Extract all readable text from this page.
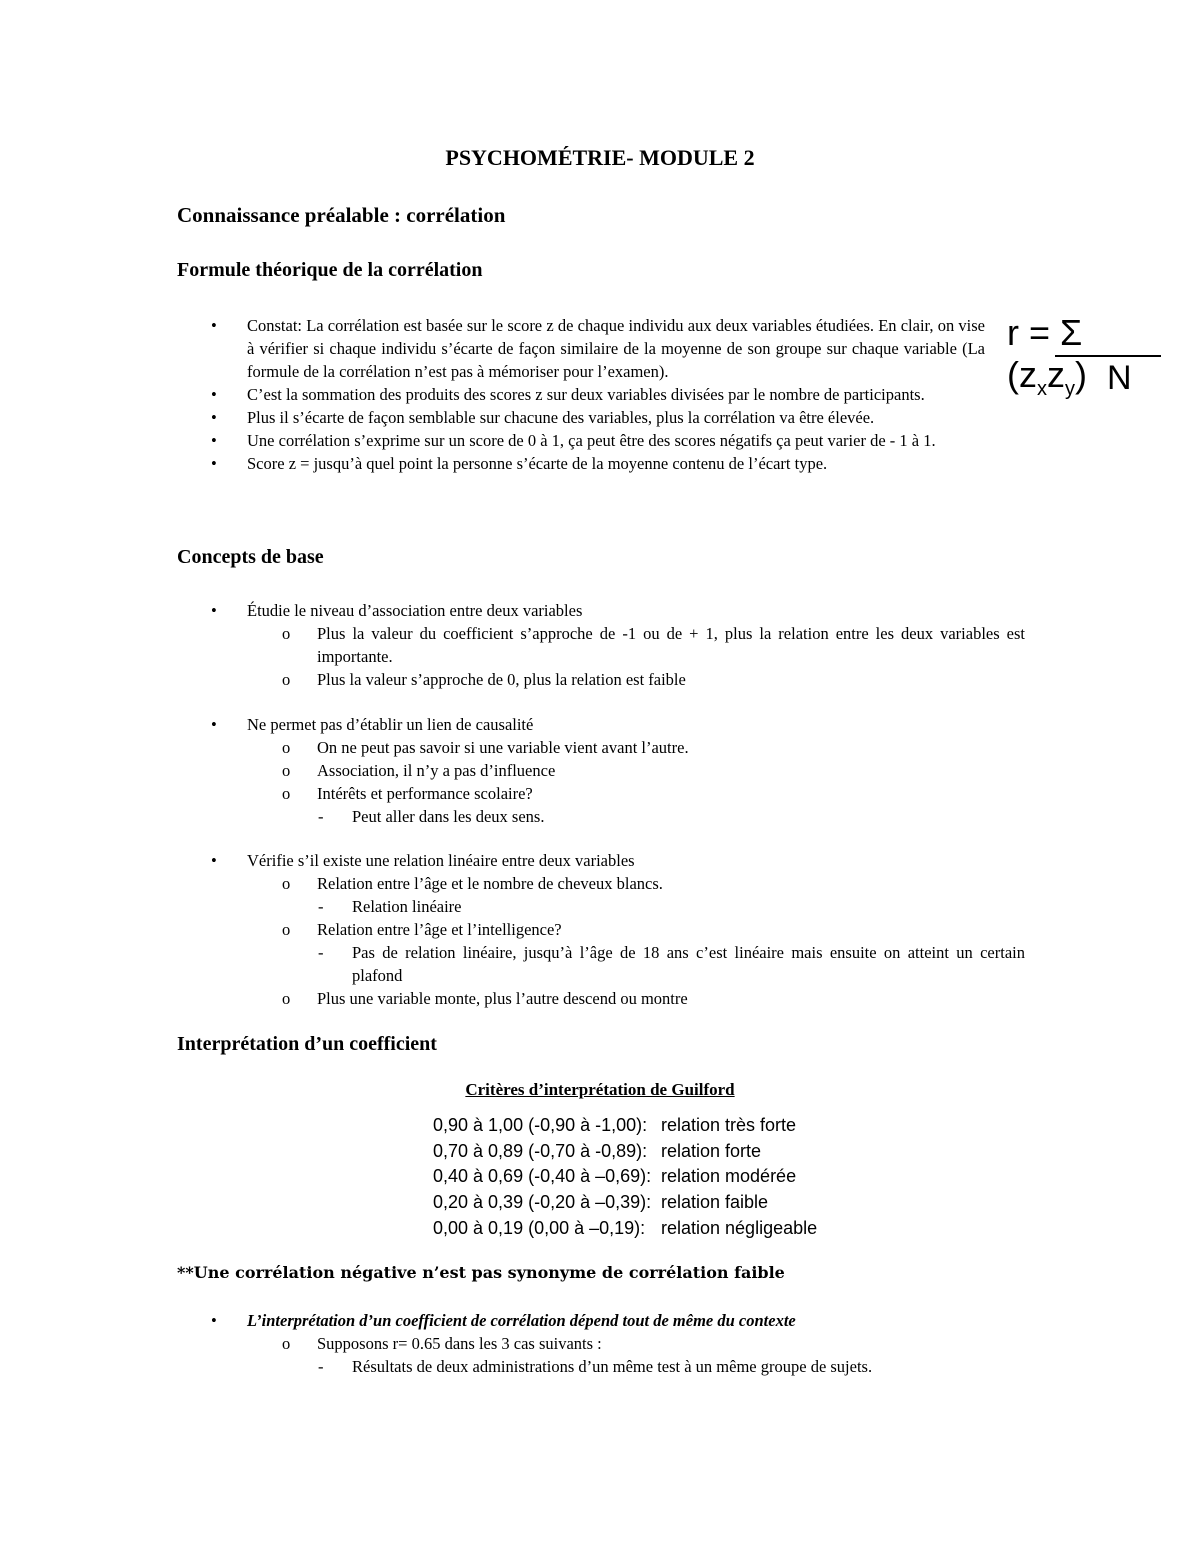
PSYCHOMÉTRIE- MODULE 2
Connaissance préalable : corrélation
Formule théorique de la corrélation
r = Σ $(z_xz_y)$ N
• Constat: La corrélation est basée sur le score z de chaque individu aux deux variables étudiées. En clair, on vise à vérifier si chaque individu s’écarte de façon similaire de la moyenne de son groupe sur chaque variable (La formule de la corrélation n’est pas à mémoriser pour l’examen).
• C’est la sommation des produits des scores z sur deux variables divisées par le nombre de participants.
• Plus il s’écarte de façon semblable sur chacune des variables, plus la corrélation va être élevée.
• Une corrélation s’exprime sur un score de 0 à 1, ça peut être des scores négatifs ça peut varier de - 1 à 1.
• Score z = jusqu’à quel point la personne s’écarte de la moyenne contenu de l’écart type.
Concepts de base
• Étudie le niveau d’association entre deux variables
o Plus la valeur du coefficient s’approche de -1 ou de + 1, plus la relation entre les deux variables est importante.
o Plus la valeur s’approche de 0, plus la relation est faible
• Ne permet pas d’établir un lien de causalité
o On ne peut pas savoir si une variable vient avant l’autre.
o Association, il n’y a pas d’influence
o Intérêts et performance scolaire?
- Peut aller dans les deux sens.
• Vérifie s’il existe une relation linéaire entre deux variables
o Relation entre l’âge et le nombre de cheveux blancs.
- Relation linéaire
o Relation entre l’âge et l’intelligence?
- Pas de relation linéaire, jusqu’à l’âge de 18 ans c’est linéaire mais ensuite on atteint un certain plafond
o Plus une variable monte, plus l’autre descend ou montre
Interprétation d’un coefficient
Critères d’interprétation de Guilford
0,90 à 1,00 (-0,90 à -1,00): relation très forte
0,70 à 0,89 (-0,70 à -0,89): relation forte
0,40 à 0,69 (-0,40 à –0,69): relation modérée
0,20 à 0,39 (-0,20 à –0,39): relation faible
0,00 à 0,19 (0,00 à –0,19): relation négligeable
**Une corrélation négative n’est pas synonyme de corrélation faible
• L’interprétation d’un coefficient de corrélation dépend tout de même du contexte
o Supposons r= 0.65 dans les 3 cas suivants :
- Résultats de deux administrations d’un même test à un même groupe de sujets.
